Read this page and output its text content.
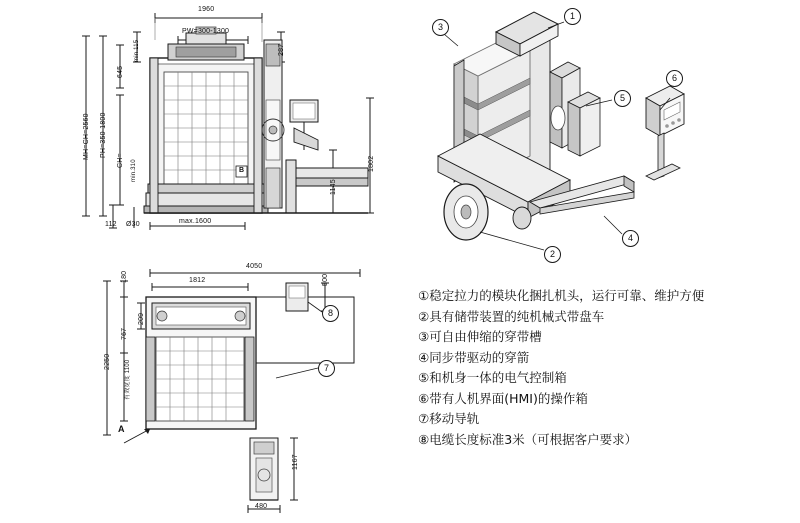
1960
PW=300-1300
287
min.115
645
MH=CH=2560 PH=350-1800
CH= min.310	1802
1145
112 Ø30	max.1600
B
4050
1812
180	500
767
209
2250	有效宽度 1100
A
1167
480
1
3
5
6
2
4
8
7
①稳定拉力的模块化捆扎机头，运行可靠、维护方便
②具有储带装置的纯机械式带盘车
③可自由伸缩的穿带槽
④同步带驱动的穿箭
⑤和机身一体的电气控制箱
⑥带有人机界面(HMI)的操作箱
⑦移动导轨
⑧电缆长度标准3米（可根据客户要求）
